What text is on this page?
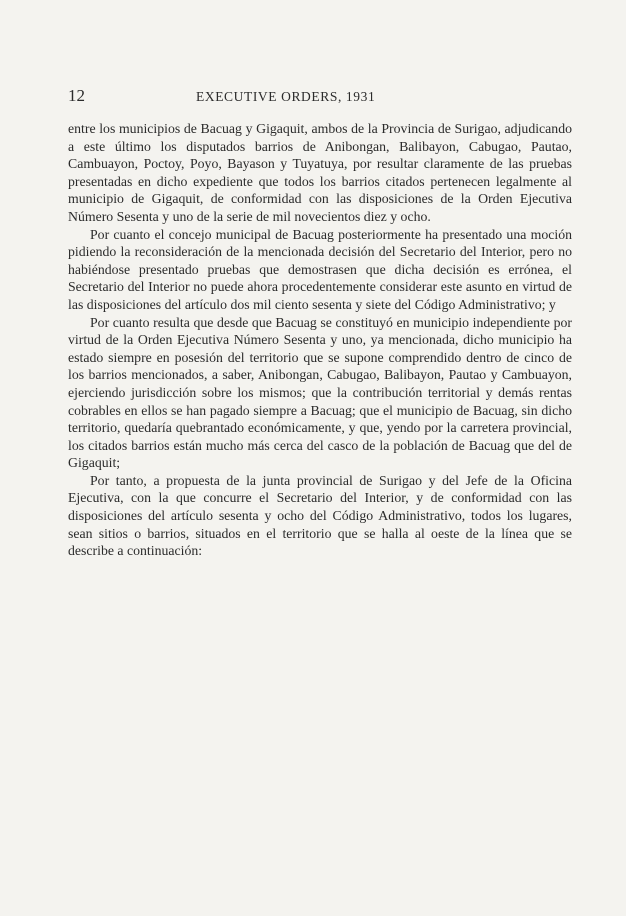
12	EXECUTIVE ORDERS, 1931

entre los municipios de Bacuag y Gigaquit, ambos de la Provincia de Surigao, adjudicando a este último los disputados barrios de Anibongan, Balibayon, Cabugao, Pautao, Cambuayon, Poctoy, Poyo, Bayason y Tuyatuya, por resultar claramente de las pruebas presentadas en dicho expediente que todos los barrios citados pertenecen legalmente al municipio de Gigaquit, de conformidad con las disposiciones de la Orden Ejecutiva Número Sesenta y uno de la serie de mil novecientos diez y ocho.

Por cuanto el concejo municipal de Bacuag posteriormente ha presentado una moción pidiendo la reconsideración de la mencionada decisión del Secretario del Interior, pero no habiéndose presentado pruebas que demostrasen que dicha decisión es errónea, el Secretario del Interior no puede ahora procedentemente considerar este asunto en virtud de las disposiciones del artículo dos mil ciento sesenta y siete del Código Administrativo; y

Por cuanto resulta que desde que Bacuag se constituyó en municipio independiente por virtud de la Orden Ejecutiva Número Sesenta y uno, ya mencionada, dicho municipio ha estado siempre en posesión del territorio que se supone comprendido dentro de cinco de los barrios mencionados, a saber, Anibongan, Cabugao, Balibayon, Pautao y Cambuayon, ejerciendo jurisdicción sobre los mismos; que la contribución territorial y demás rentas cobrables en ellos se han pagado siempre a Bacuag; que el municipio de Bacuag, sin dicho territorio, quedaría quebrantado económicamente, y que, yendo por la carretera provincial, los citados barrios están mucho más cerca del casco de la población de Bacuag que del de Gigaquit;

Por tanto, a propuesta de la junta provincial de Surigao y del Jefe de la Oficina Ejecutiva, con la que concurre el Secretario del Interior, y de conformidad con las disposiciones del artículo sesenta y ocho del Código Administrativo, todos los lugares, sean sitios o barrios, situados en el territorio que se halla al oeste de la línea que se describe a continuación:
